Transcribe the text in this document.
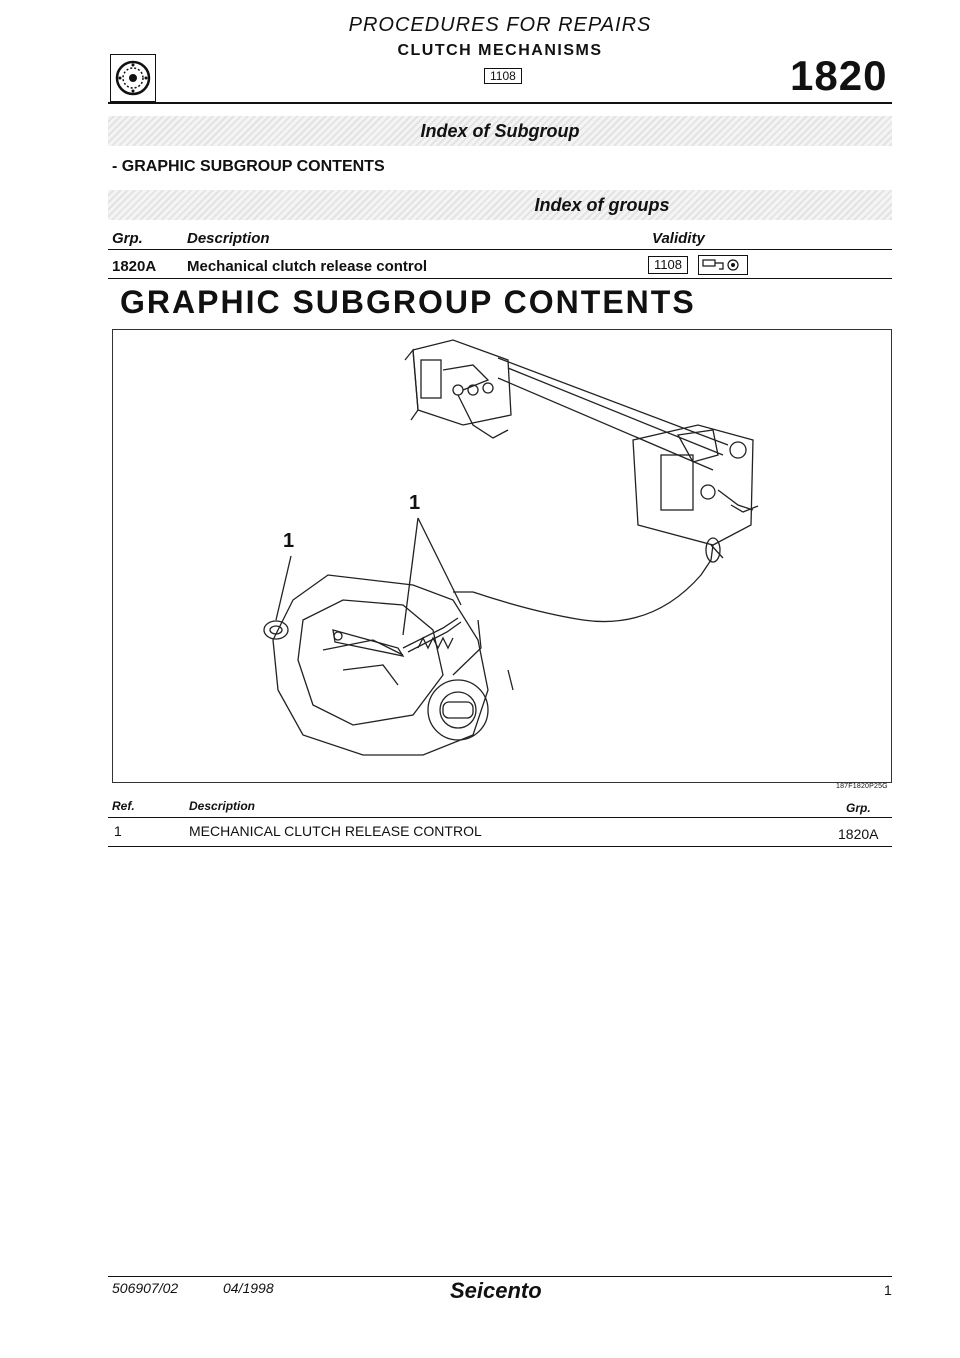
PROCEDURES FOR REPAIRS
CLUTCH MECHANISMS
1108	1820
Index of Subgroup
- GRAPHIC SUBGROUP CONTENTS
Index of groups
Grp.	Description	Validity
1820A Mechanical clutch release control	1108
GRAPHIC SUBGROUP CONTENTS
1
1
187F1820P25G
Ref.	Description	Grp.
1	MECHANICAL CLUTCH RELEASE CONTROL	1820A
506907/02	04/1998	Seicento	1
